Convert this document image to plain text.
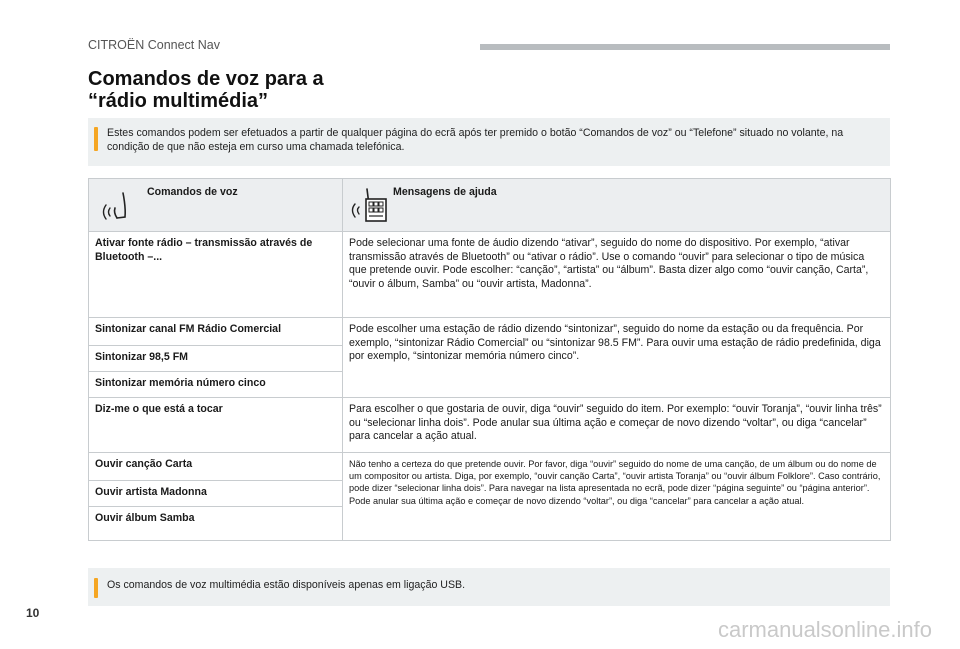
CITROËN Connect Nav
Comandos de voz para a
“rádio multimédia”
Estes comandos podem ser efetuados a partir de qualquer página do ecrã após ter premido o botão “Comandos de voz” ou “Telefone” situado no volante, na condição de que não esteja em curso uma chamada telefónica.
Comandos de voz	Mensagens de ajuda

Ativar fonte rádio – transmissão através de Bluetooth –...	Pode selecionar uma fonte de áudio dizendo “ativar”, seguido do nome do dispositivo. Por exemplo, “ativar transmissão através de Bluetooth” ou “ativar o rádio”. Use o comando “ouvir” para selecionar o tipo de música que pretende ouvir. Pode escolher: “canção”, “artista” ou “álbum”. Basta dizer algo como “ouvir canção, Carta”, “ouvir o álbum, Samba” ou “ouvir artista, Madonna”.
Sintonizar canal FM Rádio Comercial	Pode escolher uma estação de rádio dizendo “sintonizar”, seguido do nome da estação ou da frequência. Por exemplo, “sintonizar Rádio Comercial” ou “sintonizar 98.5 FM”. Para ouvir uma estação de rádio predefinida, diga por exemplo, “sintonizar memória número cinco”.
Sintonizar 98,5 FM	
Sintonizar memória número cinco	
Diz-me o que está a tocar	Para escolher o que gostaria de ouvir, diga “ouvir” seguido do item. Por exemplo: “ouvir Toranja”, “ouvir linha três” ou “selecionar linha dois”. Pode anular sua última ação e começar de novo dizendo “voltar”, ou diga “cancelar” para cancelar a ação atual.
Ouvir canção Carta	Não tenho a certeza do que pretende ouvir. Por favor, diga “ouvir” seguido do nome de uma canção, de um álbum ou do nome de um compositor ou artista. Diga, por exemplo, “ouvir canção Carta”, “ouvir artista Toranja” ou “ouvir álbum Folklore”. Caso contrário, pode dizer “selecionar linha dois”. Para navegar na lista apresentada no ecrã, pode dizer “página seguinte” ou “página anterior”. Pode anular sua última ação e começar de novo dizendo “voltar”, ou diga “cancelar” para cancelar a ação atual.
Ouvir artista Madonna	
Ouvir álbum Samba	
Os comandos de voz multimédia estão disponíveis apenas em ligação USB.
10
carmanualsonline.info
